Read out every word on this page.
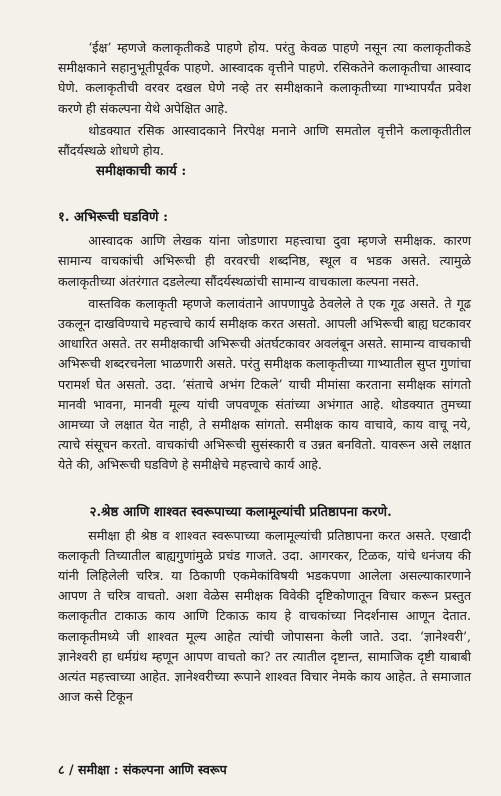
‘ईक्ष’ म्हणजे कलाकृतीकडे पाहणे होय. परंतु केवळ पाहणे नसून त्या कलाकृतीकडे समीक्षकाने सहानुभूतीपूर्वक पाहणे. आस्वादक वृत्तीने पाहणे. रसिकतेने कलाकृतीचा आस्वाद घेणे. कलाकृतीची वरवर दखल घेणे नव्हे तर समीक्षकाने कलाकृतीच्या गाभ्यापर्यंत प्रवेश करणे ही संकल्पना येथे अपेक्षित आहे.

थोडक्यात रसिक आस्वादकाने निरपेक्ष मनाने आणि समतोल वृत्तीने कलाकृतीतील सौंदर्यस्थळे शोधणे होय.

समीक्षकाची कार्य :
१. अभिरूची घडविणे :

आस्वादक आणि लेखक यांना जोडणारा महत्त्वाचा दुवा म्हणजे समीक्षक. कारण सामान्य वाचकांची अभिरूची ही वरवरची शब्दनिष्ठ, स्थूल व भडक असते. त्यामुळे कलाकृतीच्या अंतरंगात दडलेल्या सौंदर्यस्थळांची सामान्य वाचकाला कल्पना नसते.

वास्तविक कलाकृती म्हणजे कलावंताने आपणापुढे ठेवलेले ते एक गूढ असते. ते गूढ उकलून दाखविण्याचे महत्त्वाचे कार्य समीक्षक करत असतो. आपली अभिरूची बाह्य घटकावर आधारित असते. तर समीक्षकाची अभिरूची अंतर्घटकावर अवलंबून असते. सामान्य वाचकाची अभिरूची शब्दरचनेला भाळणारी असते. परंतु समीक्षक कलाकृतीच्या गाभ्यातील सुप्त गुणांचा परामर्श घेत असतो. उदा. ‘संताचे अभंग टिकले’ याची मीमांसा करताना समीक्षक सांगतो मानवी भावना, मानवी मूल्य यांची जपवणूक संतांच्या अभंगात आहे. थोडक्यात तुमच्या आमच्या जे लक्षात येत नाही, ते समीक्षक सांगतो. समीक्षक काय वाचावे, काय वाचू नये, त्याचे संसूचन करतो. वाचकांची अभिरूची सुसंस्कारी व उन्नत बनवितो. यावरून असे लक्षात येते की, अभिरूची घडविणे हे समीक्षेचे महत्त्वाचे कार्य आहे.

२.श्रेष्ठ आणि शाश्वत स्वरूपाच्या कलामूल्यांची प्रतिष्ठापना करणे.

समीक्षा ही श्रेष्ठ व शाश्वत स्वरूपाच्या कलामूल्यांची प्रतिष्ठापना करत असते. एखादी कलाकृती तिच्यातील बाह्यगुणांमुळे प्रचंड गाजते. उदा. आगरकर, टिळक, यांचे धनंजय की यांनी लिहिलेली चरित्र. या ठिकाणी एकमेकांविषयी भडकपणा आलेला असल्याकारणाने आपण ते चरित्र वाचतो. अशा वेळेस समीक्षक विवेकी दृष्टिकोणातून विचार करून प्रस्तुत कलाकृतीत टाकाऊ काय आणि टिकाऊ काय हे वाचकांच्या निदर्शनास आणून देतात. कलाकृतीमध्ये जी शाश्वत मूल्य आहेत त्यांची जोपासना केली जाते. उदा. ‘ज्ञानेश्वरी’, ज्ञानेश्वरी हा धर्मग्रंथ म्हणून आपण वाचतो का? तर त्यातील दृष्टान्त, सामाजिक दृष्टी याबाबी अत्यंत महत्त्वाच्या आहेत. ज्ञानेश्वरीच्या रूपाने शाश्वत विचार नेमके काय आहेत. ते समाजात आज कसे टिकून

८ / समीक्षा : संकल्पना आणि स्वरूप
